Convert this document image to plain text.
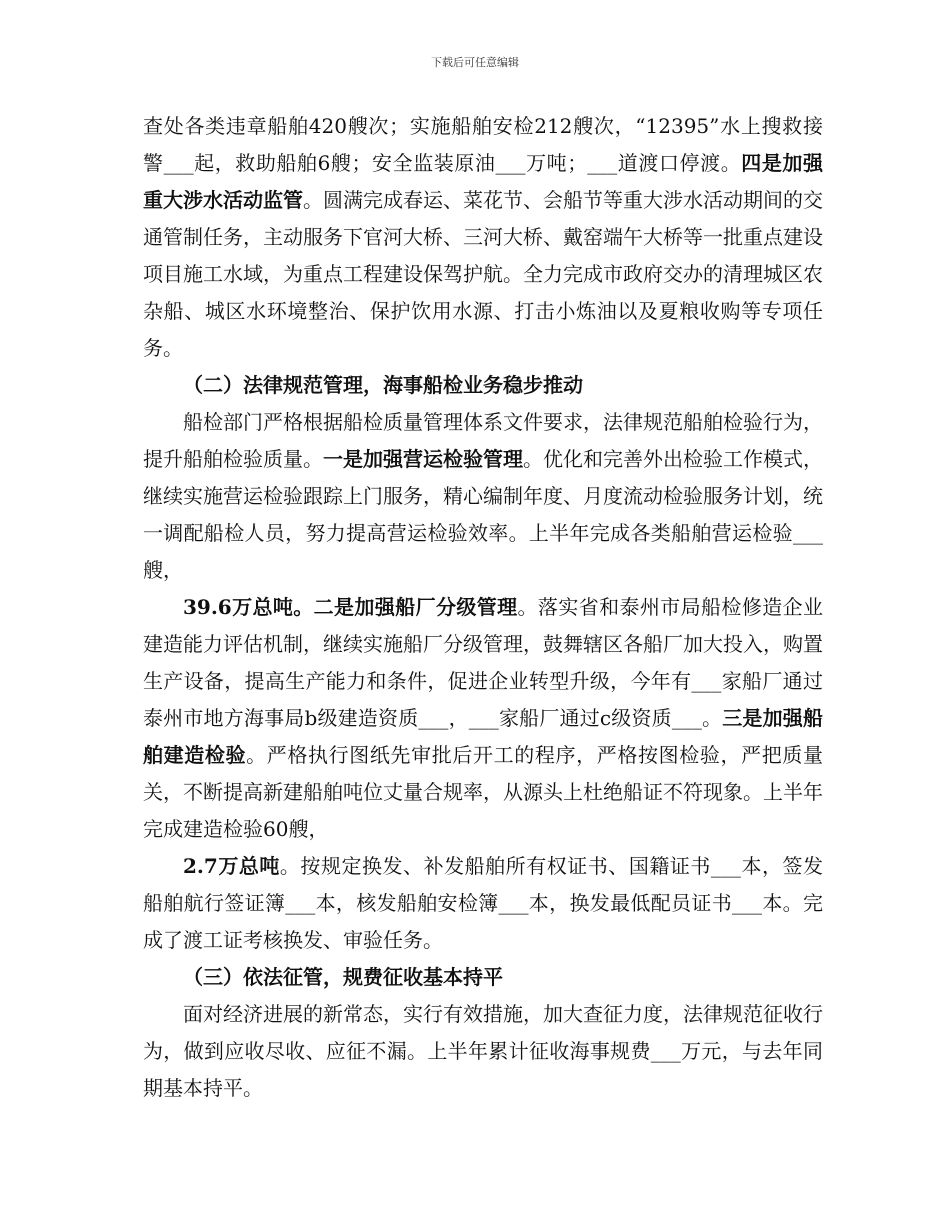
下载后可任意编辑

查处各类违章船舶420艘次；实施船舶安检212艘次，“12395”水上搜救接警___起，救助船舶6艘；安全监装原油___万吨；___道渡口停渡。四是加强重大涉水活动监管。圆满完成春运、菜花节、会船节等重大涉水活动期间的交通管制任务，主动服务下官河大桥、三河大桥、戴窑端午大桥等一批重点建设项目施工水域，为重点工程建设保驾护航。全力完成市政府交办的清理城区农杂船、城区水环境整治、保护饮用水源、打击小炼油以及夏粮收购等专项任务。

（二）法律规范管理，海事船检业务稳步推动

船检部门严格根据船检质量管理体系文件要求，法律规范船舶检验行为，提升船舶检验质量。一是加强营运检验管理。优化和完善外出检验工作模式，继续实施营运检验跟踪上门服务，精心编制年度、月度流动检验服务计划，统一调配船检人员，努力提高营运检验效率。上半年完成各类船舶营运检验___艘，

39.6万总吨。二是加强船厂分级管理。落实省和泰州市局船检修造企业建造能力评估机制，继续实施船厂分级管理，鼓舞辖区各船厂加大投入，购置生产设备，提高生产能力和条件，促进企业转型升级，今年有___家船厂通过泰州市地方海事局b级建造资质___，___家船厂通过c级资质___。三是加强船舶建造检验。严格执行图纸先审批后开工的程序，严格按图检验，严把质量关，不断提高新建船舶吨位丈量合规率，从源头上杜绝船证不符现象。上半年完成建造检验60艘，

2.7万总吨。按规定换发、补发船舶所有权证书、国籍证书___本，签发船舶航行签证簿___本，核发船舶安检簿___本，换发最低配员证书___本。完成了渡工证考核换发、审验任务。

（三）依法征管，规费征收基本持平

面对经济进展的新常态，实行有效措施，加大查征力度，法律规范征收行为，做到应收尽收、应征不漏。上半年累计征收海事规费___万元，与去年同期基本持平。
